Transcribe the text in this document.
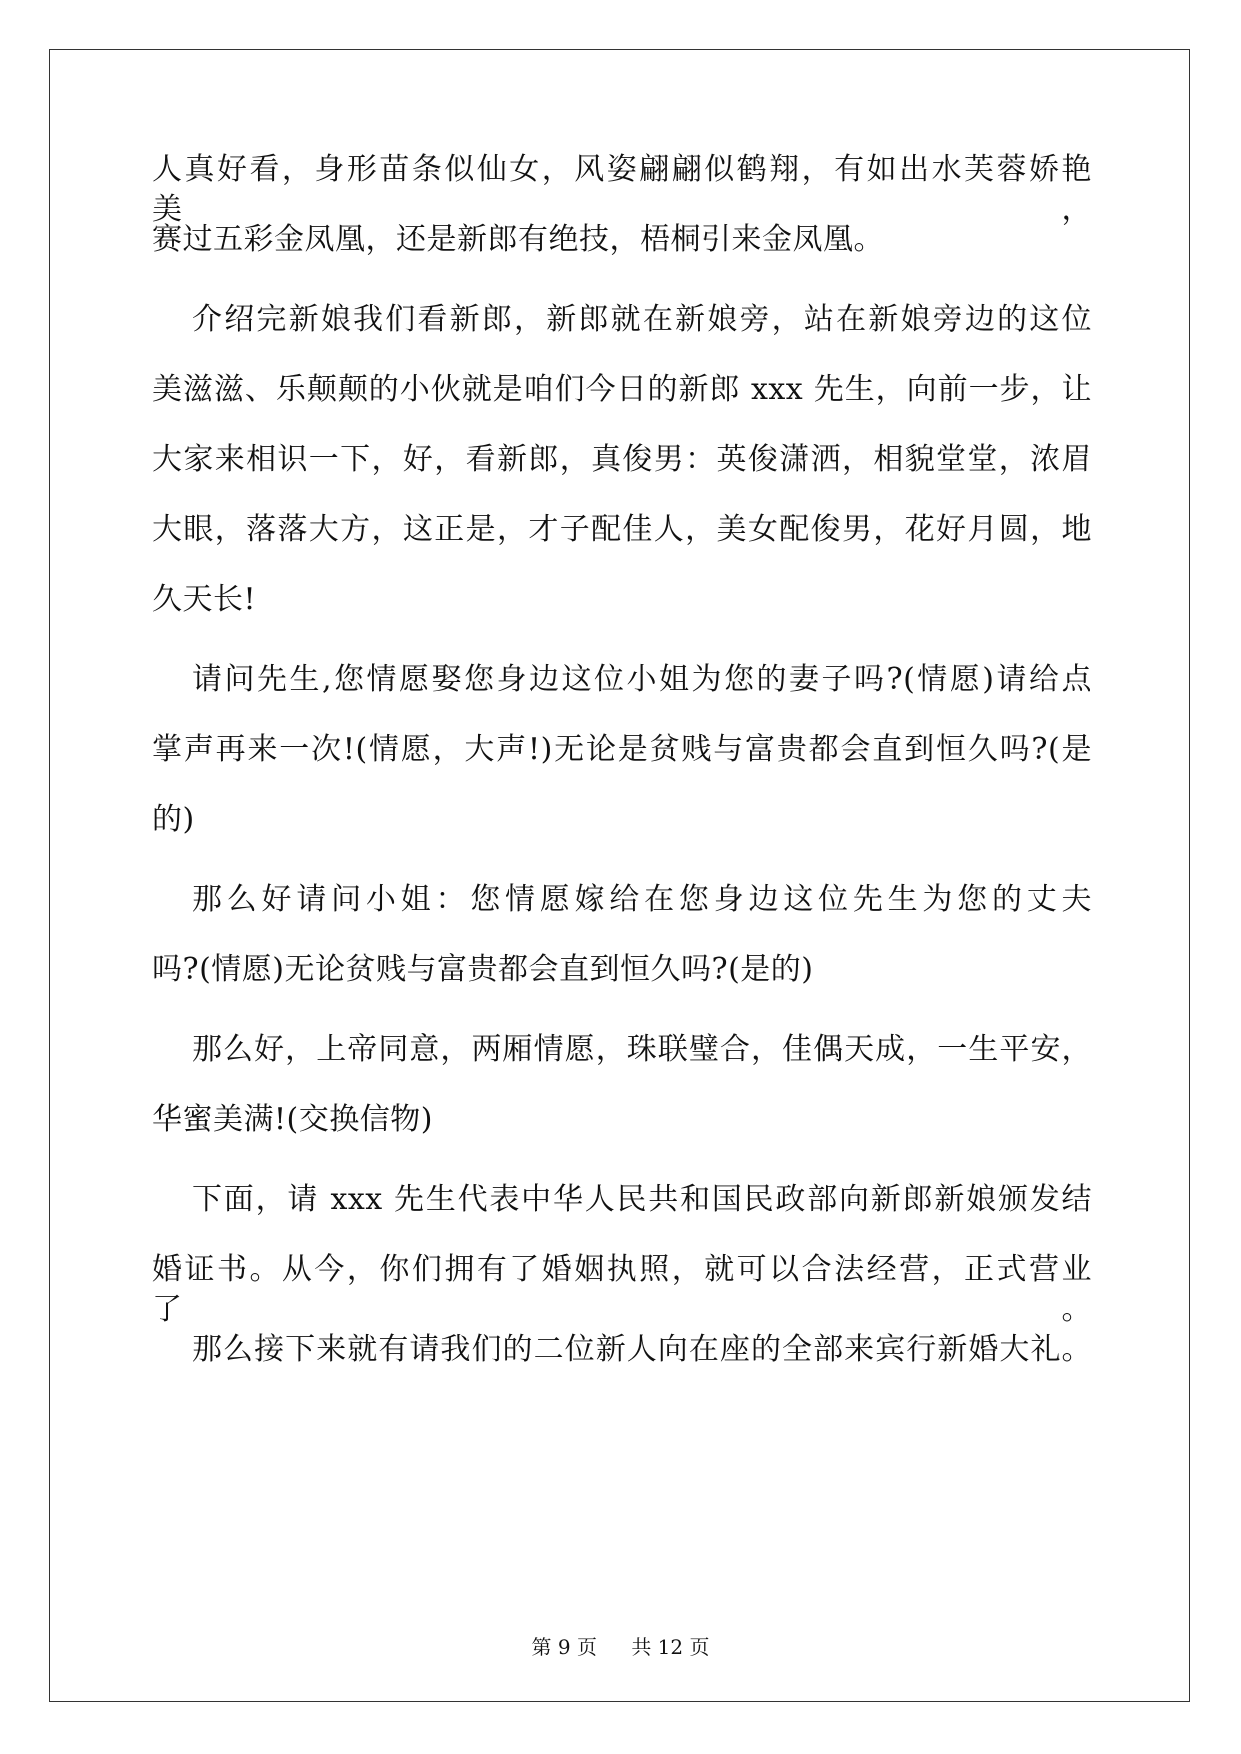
人真好看，身形苗条似仙女，风姿翩翩似鹤翔，有如出水芙蓉娇艳美，
赛过五彩金凤凰，还是新郎有绝技，梧桐引来金凤凰。
介绍完新娘我们看新郎，新郎就在新娘旁，站在新娘旁边的这位
美滋滋、乐颠颠的小伙就是咱们今日的新郎 xxx 先生，向前一步，让
大家来相识一下，好，看新郎，真俊男：英俊潇洒，相貌堂堂，浓眉
大眼，落落大方，这正是，才子配佳人，美女配俊男，花好月圆，地
久天长!
请问先生,您情愿娶您身边这位小姐为您的妻子吗?(情愿)请给点
掌声再来一次!(情愿，大声!)无论是贫贱与富贵都会直到恒久吗?(是
的)
那么好请问小姐：您情愿嫁给在您身边这位先生为您的丈夫
吗?(情愿)无论贫贱与富贵都会直到恒久吗?(是的)
那么好，上帝同意，两厢情愿，珠联璧合，佳偶天成，一生平安，
华蜜美满!(交换信物)
下面，请 xxx 先生代表中华人民共和国民政部向新郎新娘颁发结
婚证书。从今，你们拥有了婚姻执照，就可以合法经营，正式营业了。
那么接下来就有请我们的二位新人向在座的全部来宾行新婚大礼。
第 9 页 共 12 页
